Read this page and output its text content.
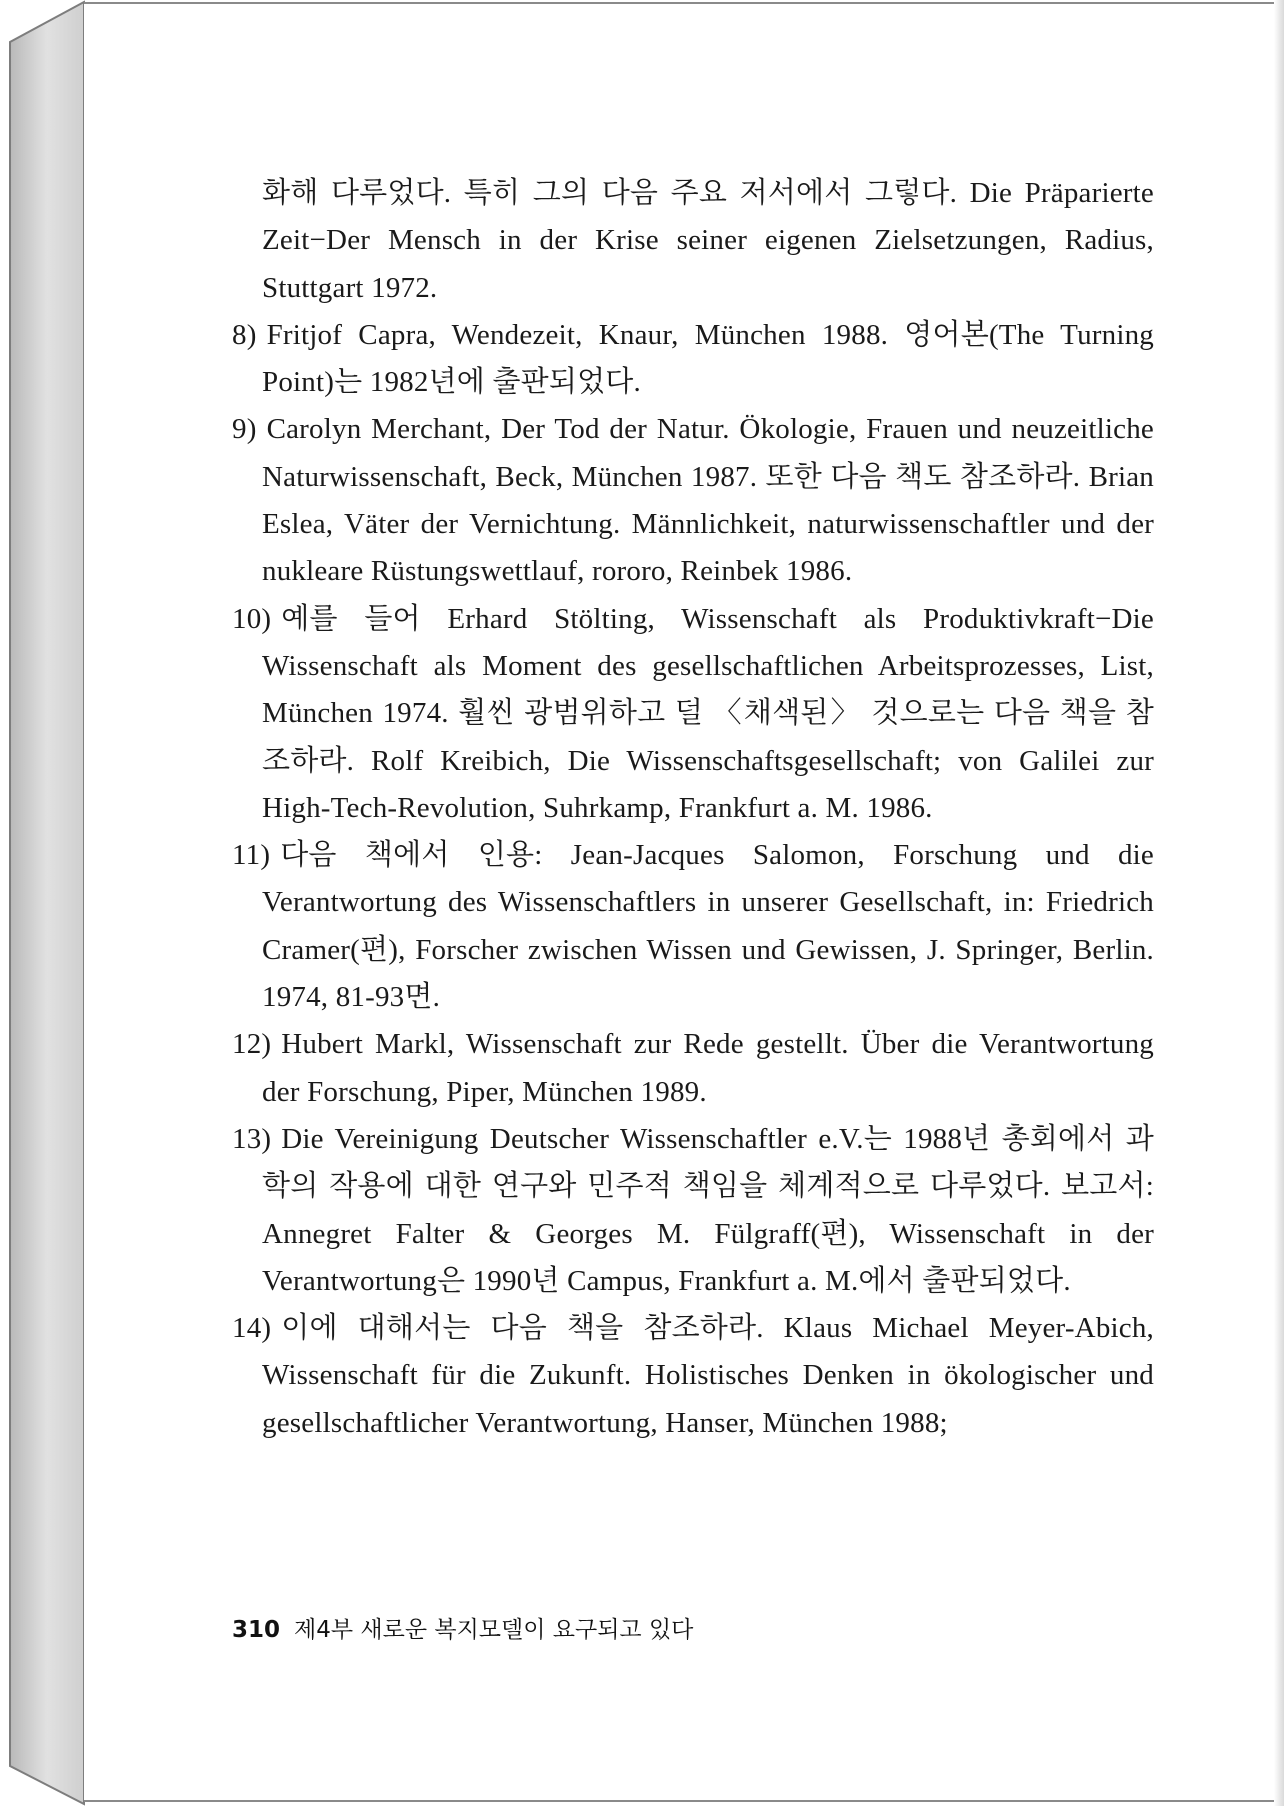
화해 다루었다. 특히 그의 다음 주요 저서에서 그렇다. Die Präparierte Zeit−Der Mensch in der Krise seiner eigenen Zielsetzungen, Radius, Stuttgart 1972.

8) Fritjof Capra, Wendezeit, Knaur, München 1988. 영어본(The Turning Point)는 1982년에 출판되었다.

9) Carolyn Merchant, Der Tod der Natur. Ökologie, Frauen und neuzeitliche Naturwissenschaft, Beck, München 1987. 또한 다음 책도 참조하라. Brian Eslea, Väter der Vernichtung. Männlichkeit, naturwissenschaftler und der nukleare Rüstungswettlauf, rororo, Reinbek 1986.

10) 예를 들어 Erhard Stölting, Wissenschaft als Produktivkraft−Die Wissenschaft als Moment des gesellschaftlichen Arbeitsprozesses, List, München 1974. 훨씬 광범위하고 덜 〈채색된〉 것으로는 다음 책을 참조하라. Rolf Kreibich, Die Wissenschaftsgesellschaft; von Galilei zur High-Tech-Revolution, Suhrkamp, Frankfurt a. M. 1986.

11) 다음 책에서 인용: Jean-Jacques Salomon, Forschung und die Verantwortung des Wissenschaftlers in unserer Gesellschaft, in: Friedrich Cramer(편), Forscher zwischen Wissen und Gewissen, J. Springer, Berlin. 1974, 81-93면.

12) Hubert Markl, Wissenschaft zur Rede gestellt. Über die Verantwortung der Forschung, Piper, München 1989.

13) Die Vereinigung Deutscher Wissenschaftler e.V.는 1988년 총회에서 과학의 작용에 대한 연구와 민주적 책임을 체계적으로 다루었다. 보고서: Annegret Falter & Georges M. Fülgraff(편), Wissenschaft in der Verantwortung은 1990년 Campus, Frankfurt a. M.에서 출판되었다.

14) 이에 대해서는 다음 책을 참조하라. Klaus Michael Meyer-Abich, Wissenschaft für die Zukunft. Holistisches Denken in ökologischer und gesellschaftlicher Verantwortung, Hanser, München 1988;

310 제4부 새로운 복지모델이 요구되고 있다
